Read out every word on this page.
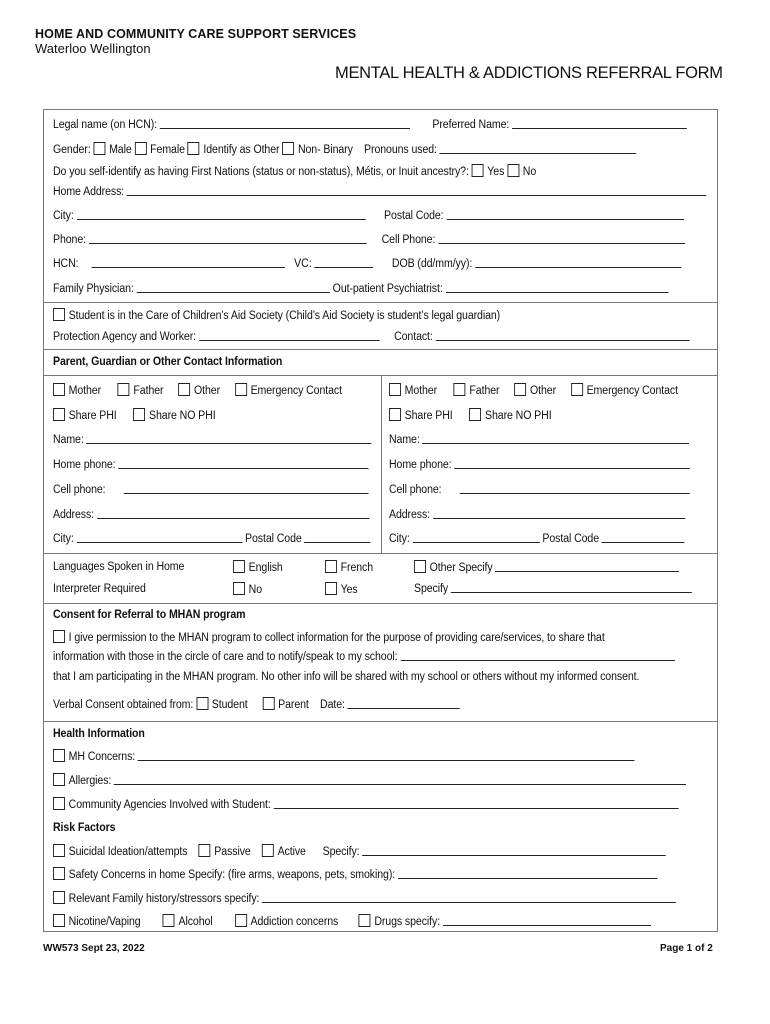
HOME AND COMMUNITY CARE SUPPORT SERVICES
Waterloo Wellington
MENTAL HEALTH & ADDICTIONS REFERRAL FORM
Legal name (on HCN):	Preferred Name:
Gender: Male Female Identify as Other Non- Binary Pronouns used:
Do you self-identify as having First Nations (status or non-status), Métis, or Inuit ancestry?: Yes No
Home Address:
City:	Postal Code:
Phone:	Cell Phone:
HCN:	VC:	DOB (dd/mm/yy):
Family Physician:	Out-patient Psychiatrist:
Student is in the Care of Children’s Aid Society (Child’s Aid Society is student’s legal guardian)
Protection Agency and Worker:	Contact:
Parent, Guardian or Other Contact Information
Mother	Father	Other	Emergency Contact	Mother	Father	Other	Emergency Contact
Share PHI	Share NO PHI	Share PHI	Share NO PHI
Name:	Name:
Home phone:	Home phone:
Cell phone:	Cell phone:
Address:	Address:
City:	Postal Code	City:	Postal Code
Languages Spoken in Home	English	French	Other Specify
Interpreter Required	No	Yes	Specify
Consent for Referral to MHAN program
I give permission to the MHAN program to collect information for the purpose of providing care/services, to share that
information with those in the circle of care and to notify/speak to my school:
that I am participating in the MHAN program. No other info will be shared with my school or others without my informed consent.
Verbal Consent obtained from: Student	Parent Date:
Health Information
MH Concerns:
Allergies:
Community Agencies Involved with Student:
Risk Factors
Suicidal Ideation/attempts Passive Active Specify:
Safety Concerns in home Specify: (fire arms, weapons, pets, smoking):
Relevant Family history/stressors specify:
Nicotine/Vaping	Alcohol	Addiction concerns	Drugs specify:
WW573 Sept 23, 2022	Page 1 of 2
